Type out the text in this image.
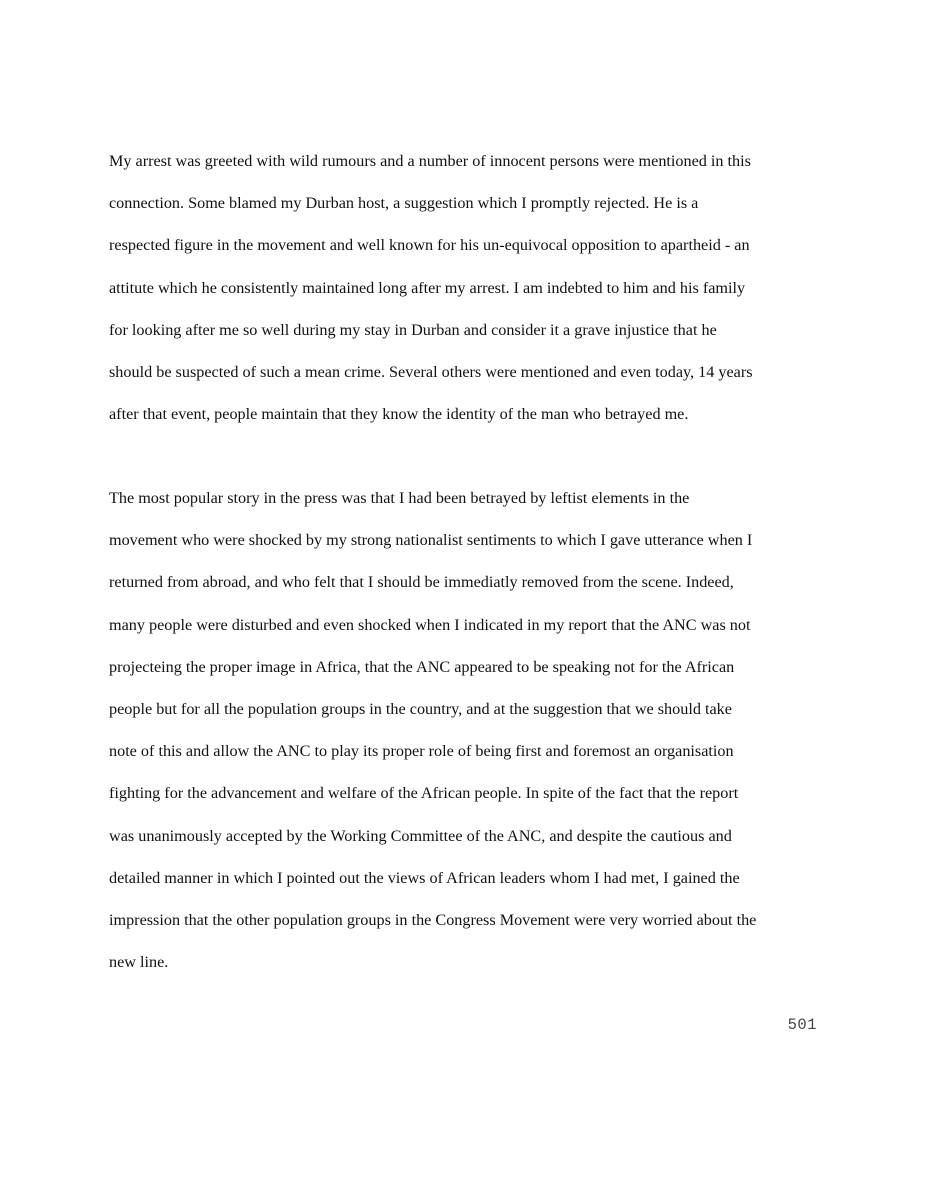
My arrest was greeted with wild rumours and a number of innocent persons were mentioned in this
connection. Some blamed my Durban host, a suggestion which I promptly rejected. He is a
respected figure in the movement and well known for his un-equivocal opposition to apartheid - an
attitute which he consistently maintained long after my arrest. I am indebted to him and his family
for looking after me so well during my stay in Durban and consider it a grave injustice that he
should be suspected of such a mean crime. Several others were mentioned and even today, 14 years
after that event, people maintain that they know the identity of the man who betrayed me.

The most popular story in the press was that I had been betrayed by leftist elements in the
movement who were shocked by my strong nationalist sentiments to which I gave utterance when I
returned from abroad, and who felt that I should be immediatly removed from the scene. Indeed,
many people were disturbed and even shocked when I indicated in my report that the ANC was not
projecteing the proper image in Africa, that the ANC appeared to be speaking not for the African
people but for all the population groups in the country, and at the suggestion that we should take
note of this and allow the ANC to play its proper role of being first and foremost an organisation
fighting for the advancement and welfare of the African people. In spite of the fact that the report
was unanimously accepted by the Working Committee of the ANC, and despite the cautious and
detailed manner in which I pointed out the views of African leaders whom I had met, I gained the
impression that the other population groups in the Congress Movement were very worried about the
new line.

501
